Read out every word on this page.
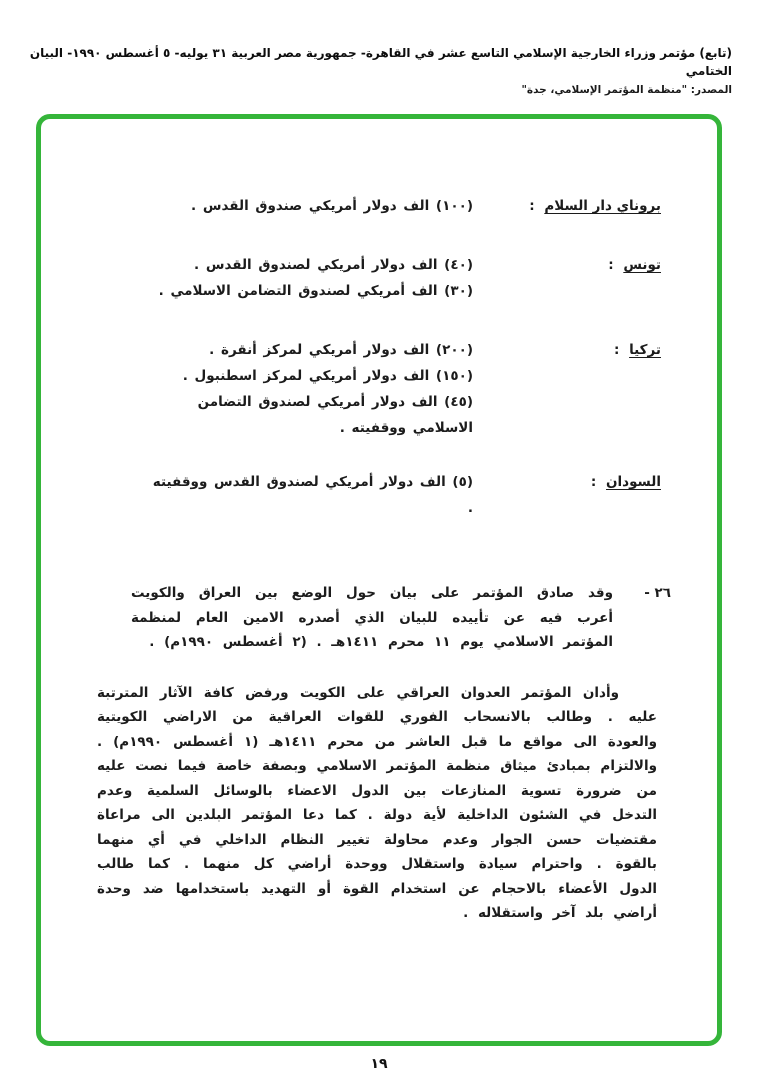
(تابع) مؤتمر وزراء الخارجية الإسلامي التاسع عشر في القاهرة- جمهورية مصر العربية ٣١ يوليه- ٥ أغسطس ١٩٩٠- البيان الختامي
المصدر: "منظمة المؤتمر الإسلامي، جدة"
بروناي دار السلام :
(١٠٠) الف دولار أمريكي صندوق القدس .
تونس :
(٤٠) الف دولار أمريكي لصندوق القدس .
(٣٠) الف أمريكي لصندوق التضامن الاسلامي .
تركيا :
(٢٠٠) الف دولار أمريكي لمركز أنقرة .
(١٥٠) الف دولار أمريكي لمركز اسطنبول .
(٤٥) الف دولار أمريكي لصندوق التضامن الاسلامي ووقفيته .
السودان :
(٥) الف دولار أمريكي لصندوق القدس ووقفيته .
٢٦ -
وقد صادق المؤتمر على بيان حول الوضع بين العراق والكويت أعرب فيه عن تأييده للبيان الذي أصدره الامين العام لمنظمة المؤتمر الاسلامي يوم ١١ محرم ١٤١١هـ . (٢ أغسطس ١٩٩٠م) .
وأدان المؤتمر العدوان العراقي على الكويت ورفض كافة الآثار المترتبة عليه . وطالب بالانسحاب الفوري للقوات العراقية من الاراضي الكويتية والعودة الى مواقع ما قبل العاشر من محرم ١٤١١هـ (١ أغسطس ١٩٩٠م) . والالتزام بمبادئ ميثاق منظمة المؤتمر الاسلامي وبصفة خاصة فيما نصت عليه من ضرورة تسوية المنازعات بين الدول الاعضاء بالوسائل السلمية وعدم التدخل في الشئون الداخلية لأية دولة . كما دعا المؤتمر البلدين الى مراعاة مقتضيات حسن الجوار وعدم محاولة تغيير النظام الداخلي في أي منهما بالقوة . واحترام سيادة واستقلال ووحدة أراضي كل منهما . كما طالب الدول الأعضاء بالاحجام عن استخدام القوة أو التهديد باستخدامها ضد وحدة أراضي بلد آخر واستقلاله .
١٩
